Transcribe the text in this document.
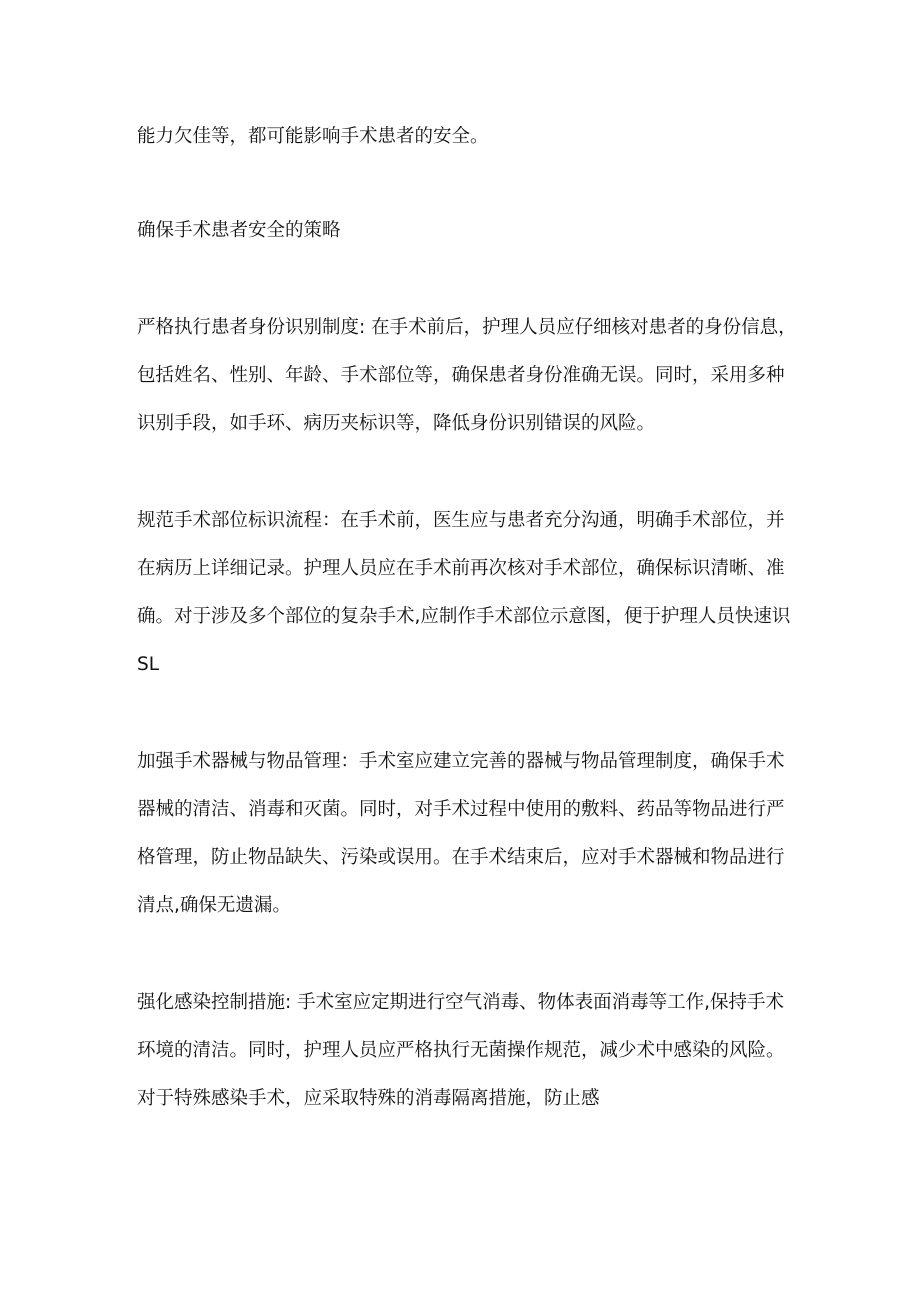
能力欠佳等，都可能影响手术患者的安全。

确保手术患者安全的策略

严格执行患者身份识别制度: 在手术前后，护理人员应仔细核对患者的身份信息，

包括姓名、性别、年龄、手术部位等，确保患者身份准确无误。同时，采用多种

识别手段，如手环、病历夹标识等，降低身份识别错误的风险。

规范手术部位标识流程：在手术前，医生应与患者充分沟通，明确手术部位，并

在病历上详细记录。护理人员应在手术前再次核对手术部位，确保标识清晰、准

确。对于涉及多个部位的复杂手术,应制作手术部位示意图，便于护理人员快速识

SL

加强手术器械与物品管理：手术室应建立完善的器械与物品管理制度，确保手术

器械的清洁、消毒和灭菌。同时，对手术过程中使用的敷料、药品等物品进行严

格管理，防止物品缺失、污染或误用。在手术结束后，应对手术器械和物品进行

清点,确保无遗漏。

强化感染控制措施: 手术室应定期进行空气消毒、物体表面消毒等工作,保持手术

环境的清洁。同时，护理人员应严格执行无菌操作规范，减少术中感染的风险。

对于特殊感染手术，应采取特殊的消毒隔离措施，防止感
